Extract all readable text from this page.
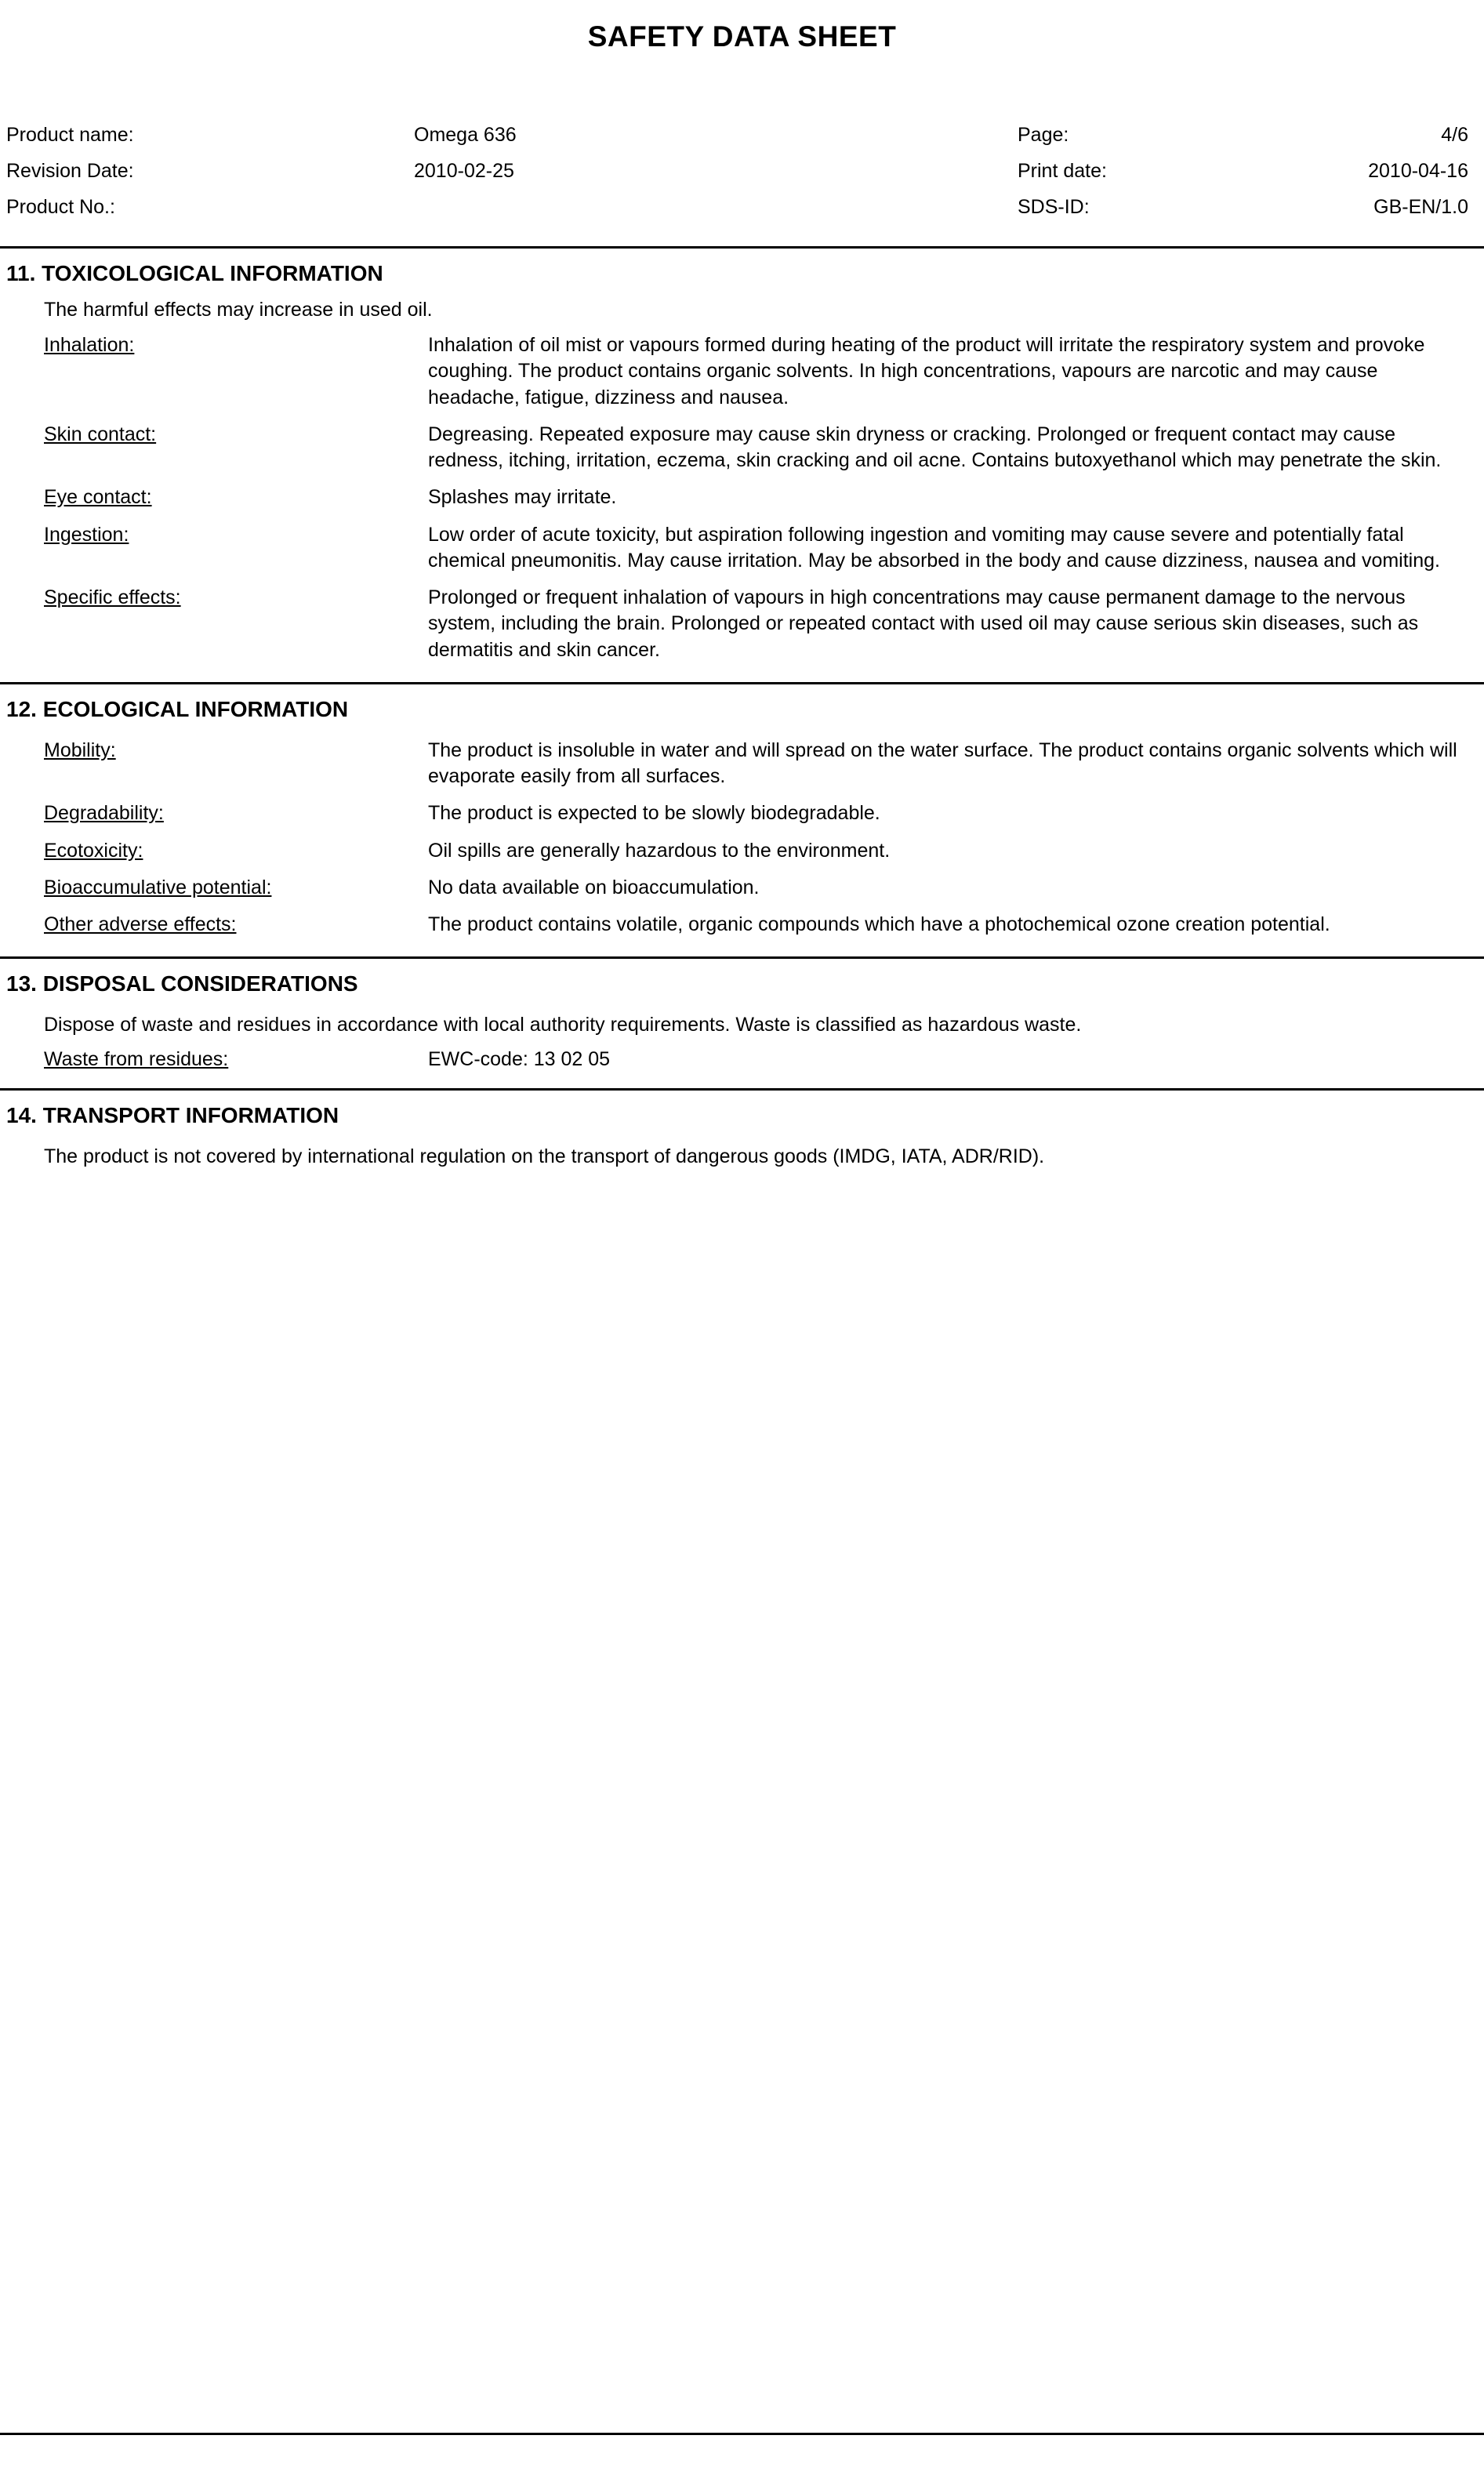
SAFETY DATA SHEET
Product name:	Omega 636	Page:	4/6
Revision Date:	2010-02-25	Print date:	2010-04-16
Product No.:		SDS-ID:	GB-EN/1.0
11. TOXICOLOGICAL INFORMATION
The harmful effects may increase in used oil.
Inhalation:	Inhalation of oil mist or vapours formed during heating of the product will irritate the respiratory system and provoke coughing. The product contains organic solvents. In high concentrations, vapours are narcotic and may cause headache, fatigue, dizziness and nausea.
Skin contact:	Degreasing. Repeated exposure may cause skin dryness or cracking. Prolonged or frequent contact may cause redness, itching, irritation, eczema, skin cracking and oil acne. Contains butoxyethanol which may penetrate the skin.
Eye contact:	Splashes may irritate.
Ingestion:	Low order of acute toxicity, but aspiration following ingestion and vomiting may cause severe and potentially fatal chemical pneumonitis. May cause irritation. May be absorbed in the body and cause dizziness, nausea and vomiting.
Specific effects:	Prolonged or frequent inhalation of vapours in high concentrations may cause permanent damage to the nervous system, including the brain. Prolonged or repeated contact with used oil may cause serious skin diseases, such as dermatitis and skin cancer.
12. ECOLOGICAL INFORMATION
Mobility:	The product is insoluble in water and will spread on the water surface. The product contains organic solvents which will evaporate easily from all surfaces.
Degradability:	The product is expected to be slowly biodegradable.
Ecotoxicity:	Oil spills are generally hazardous to the environment.
Bioaccumulative potential:	No data available on bioaccumulation.
Other adverse effects:	The product contains volatile, organic compounds which have a photochemical ozone creation potential.
13. DISPOSAL CONSIDERATIONS
Dispose of waste and residues in accordance with local authority requirements. Waste is classified as hazardous waste.
Waste from residues:	EWC-code: 13 02 05
14. TRANSPORT INFORMATION
The product is not covered by international regulation on the transport of dangerous goods (IMDG, IATA, ADR/RID).
